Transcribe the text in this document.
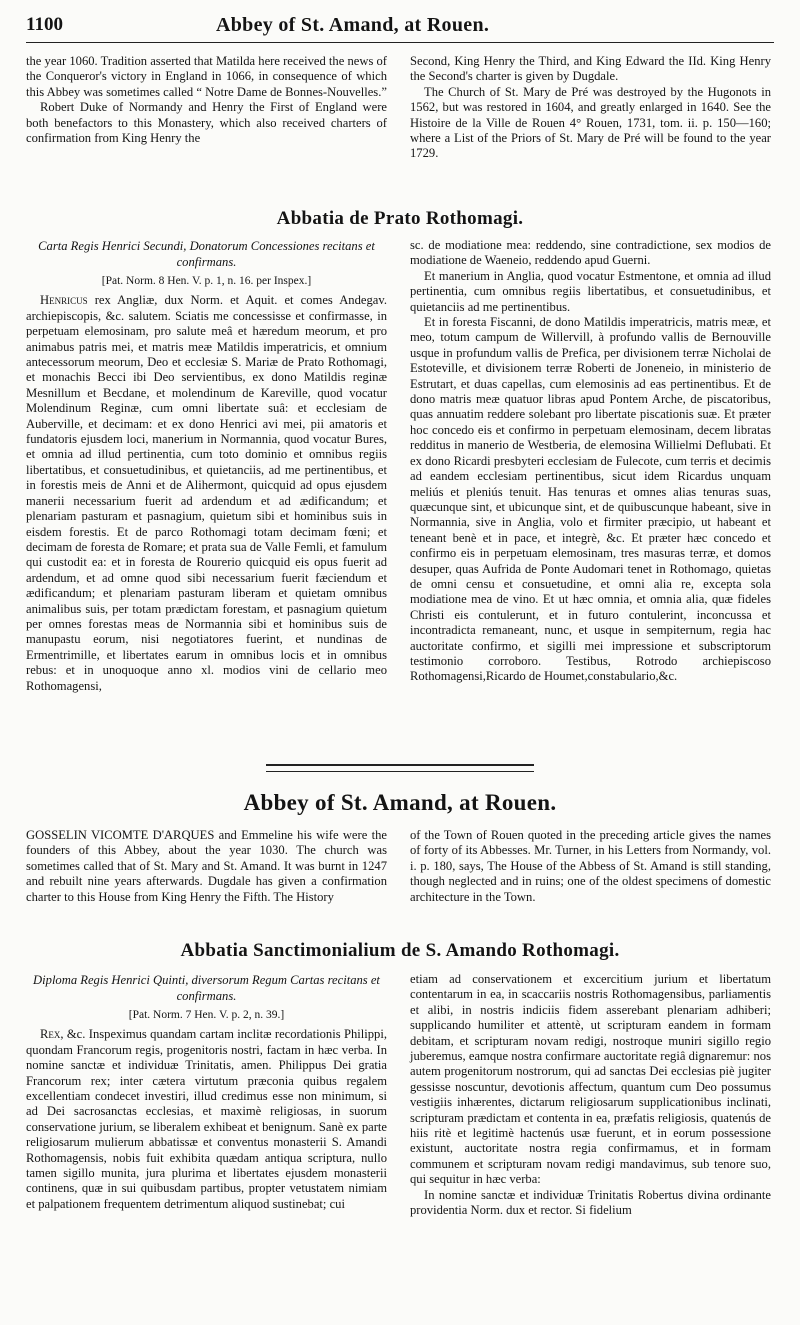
1100	Abbey of St. Amand, at Rouen.

the year 1060. Tradition asserted that Matilda here received the news of the Conqueror's victory in England in 1066, in consequence of which this Abbey was sometimes called “ Notre Dame de Bonnes-Nouvelles.”

Robert Duke of Normandy and Henry the First of England were both benefactors to this Monastery, which also received charters of confirmation from King Henry the

Second, King Henry the Third, and King Edward the IId. King Henry the Second's charter is given by Dugdale.

The Church of St. Mary de Pré was destroyed by the Hugonots in 1562, but was restored in 1604, and greatly enlarged in 1640. See the Histoire de la Ville de Rouen 4° Rouen, 1731, tom. ii. p. 150—160; where a List of the Priors of St. Mary de Pré will be found to the year 1729.

Abbatia de Prato Rothomagi.

Carta Regis Henrici Secundi, Donatorum Concessiones recitans et confirmans.

[Pat. Norm. 8 Hen. V. p. 1, n. 16. per Inspex.]

Henricus rex Angliæ, dux Norm. et Aquit. et comes Andegav. archiepiscopis, &c. salutem. Sciatis me concessisse et confirmasse, in perpetuam elemosinam, pro salute meâ et hæredum meorum, et pro animabus patris mei, et matris meæ Matildis imperatricis, et omnium antecessorum meorum, Deo et ecclesiæ S. Mariæ de Prato Rothomagi, et monachis Becci ibi Deo servientibus, ex dono Matildis reginæ Mesnillum et Becdane, et molendinum de Kareville, quod vocatur Molendinum Reginæ, cum omni libertate suâ: et ecclesiam de Auberville, et decimam: et ex dono Henrici avi mei, pii amatoris et fundatoris ejusdem loci, manerium in Normannia, quod vocatur Bures, et omnia ad illud pertinentia, cum toto dominio et omnibus regiis libertatibus, et consuetudinibus, et quietanciis, ad me pertinentibus, et in forestis meis de Anni et de Alihermont, quicquid ad opus ejusdem manerii necessarium fuerit ad ardendum et ad ædificandum; et plenariam pasturam et pasnagium, quietum sibi et hominibus suis in eisdem forestis. Et de parco Rothomagi totam decimam fœni; et decimam de foresta de Romare; et prata sua de Valle Femli, et famulum qui custodit ea: et in foresta de Rourerio quicquid eis opus fuerit ad ardendum, et ad omne quod sibi necessarium fuerit fæciendum et ædificandum; et plenariam pasturam liberam et quietam omnibus animalibus suis, per totam prædictam forestam, et pasnagium quietum per omnes forestas meas de Normannia sibi et hominibus suis de manupastu eorum, nisi negotiatores fuerint, et nundinas de Ermentrimille, et libertates earum in omnibus locis et in omnibus rebus: et in unoquoque anno xl. modios vini de cellario meo Rothomagensi,

sc. de modiatione mea: reddendo, sine contradictione, sex modios de modiatione de Waeneio, reddendo apud Guerni.

Et manerium in Anglia, quod vocatur Estmentone, et omnia ad illud pertinentia, cum omnibus regiis libertatibus, et consuetudinibus, et quietanciis ad me pertinentibus.

Et in foresta Fiscanni, de dono Matildis imperatricis, matris meæ, et meo, totum campum de Willervill, à profundo vallis de Bernouville usque in profundum vallis de Prefica, per divisionem terræ Nicholai de Estoteville, et divisionem terræ Roberti de Joneneio, in ministerio de Estrutart, et duas capellas, cum elemosinis ad eas pertinentibus. Et de dono matris meæ quatuor libras apud Pontem Arche, de piscatoribus, quas annuatim reddere solebant pro libertate piscationis suæ. Et præter hoc concedo eis et confirmo in perpetuam elemosinam, decem libratas redditus in manerio de Westberia, de elemosina Willielmi Deflubati. Et ex dono Ricardi presbyteri ecclesiam de Fulecote, cum terris et decimis ad eandem ecclesiam pertinentibus, sicut idem Ricardus unquam meliús et pleniús tenuit. Has tenuras et omnes alias tenuras suas, quæcunque sint, et ubicunque sint, et de quibuscunque habeant, sive in Normannia, sive in Anglia, volo et firmiter præcipio, ut habeant et teneant benè et in pace, et integrè, &c. Et præter hæc concedo et confirmo eis in perpetuam elemosinam, tres masuras terræ, et domos desuper, quas Aufrida de Ponte Audomari tenet in Rothomago, quietas de omni censu et consuetudine, et omni alia re, excepta sola modiatione mea de vino. Et ut hæc omnia, et omnia alia, quæ fideles Christi eis contulerunt, et in futuro contulerint, inconcussa et incontradicta remaneant, nunc, et usque in sempiternum, regia hac auctoritate confirmo, et sigilli mei impressione et subscriptorum testimonio corroboro. Testibus, Rotrodo archiepiscoso Rothomagensi,Ricardo de Houmet,constabulario,&c.

Abbey of St. Amand, at Rouen.

GOSSELIN VICOMTE D'ARQUES and Emmeline his wife were the founders of this Abbey, about the year 1030. The church was sometimes called that of St. Mary and St. Amand. It was burnt in 1247 and rebuilt nine years afterwards. Dugdale has given a confirmation charter to this House from King Henry the Fifth. The History

of the Town of Rouen quoted in the preceding article gives the names of forty of its Abbesses. Mr. Turner, in his Letters from Normandy, vol. i. p. 180, says, The House of the Abbess of St. Amand is still standing, though neglected and in ruins; one of the oldest specimens of domestic architecture in the Town.

Abbatia Sanctimonialium de S. Amando Rothomagi.

Diploma Regis Henrici Quinti, diversorum Regum Cartas recitans et confirmans.

[Pat. Norm. 7 Hen. V. p. 2, n. 39.]

Rex, &c. Inspeximus quandam cartam inclitæ recordationis Philippi, quondam Francorum regis, progenitoris nostri, factam in hæc verba. In nomine sanctæ et individuæ Trinitatis, amen. Philippus Dei gratia Francorum rex; inter cætera virtutum præconia quibus regalem excellentiam condecet investiri, illud credimus esse non minimum, si ad Dei sacrosanctas ecclesias, et maximè religiosas, in suorum conservatione jurium, se liberalem exhibeat et benignum. Sanè ex parte religiosarum mulierum abbatissæ et conventus monasterii S. Amandi Rothomagensis, nobis fuit exhibita quædam antiqua scriptura, nullo tamen sigillo munita, jura plurima et libertates ejusdem monasterii continens, quæ in sui quibusdam partibus, propter vetustatem nimiam et palpationem frequentem detrimentum aliquod sustinebat; cui

etiam ad conservationem et excercitium jurium et libertatum contentarum in ea, in scaccariis nostris Rothomagensibus, parliamentis et alibi, in nostris indiciis fidem asserebant plenariam adhiberi; supplicando humiliter et attentè, ut scripturam eandem in formam debitam, et scripturam novam redigi, nostroque muniri sigillo regio juberemus, eamque nostra confirmare auctoritate regiâ dignaremur: nos autem progenitorum nostrorum, qui ad sanctas Dei ecclesias piè jugiter gessisse noscuntur, devotionis affectum, quantum cum Deo possumus vestigiis inhærentes, dictarum religiosarum supplicationibus inclinati, scripturam prædictam et contenta in ea, præfatis religiosis, quatenús de hiis ritè et legitimè hactenús usæ fuerunt, et in eorum possessione existunt, auctoritate nostra regia confirmamus, et in formam communem et scripturam novam redigi mandavimus, sub tenore suo, qui sequitur in hæc verba:

In nomine sanctæ et individuæ Trinitatis Robertus divina ordinante providentia Norm. dux et rector. Si fidelium
